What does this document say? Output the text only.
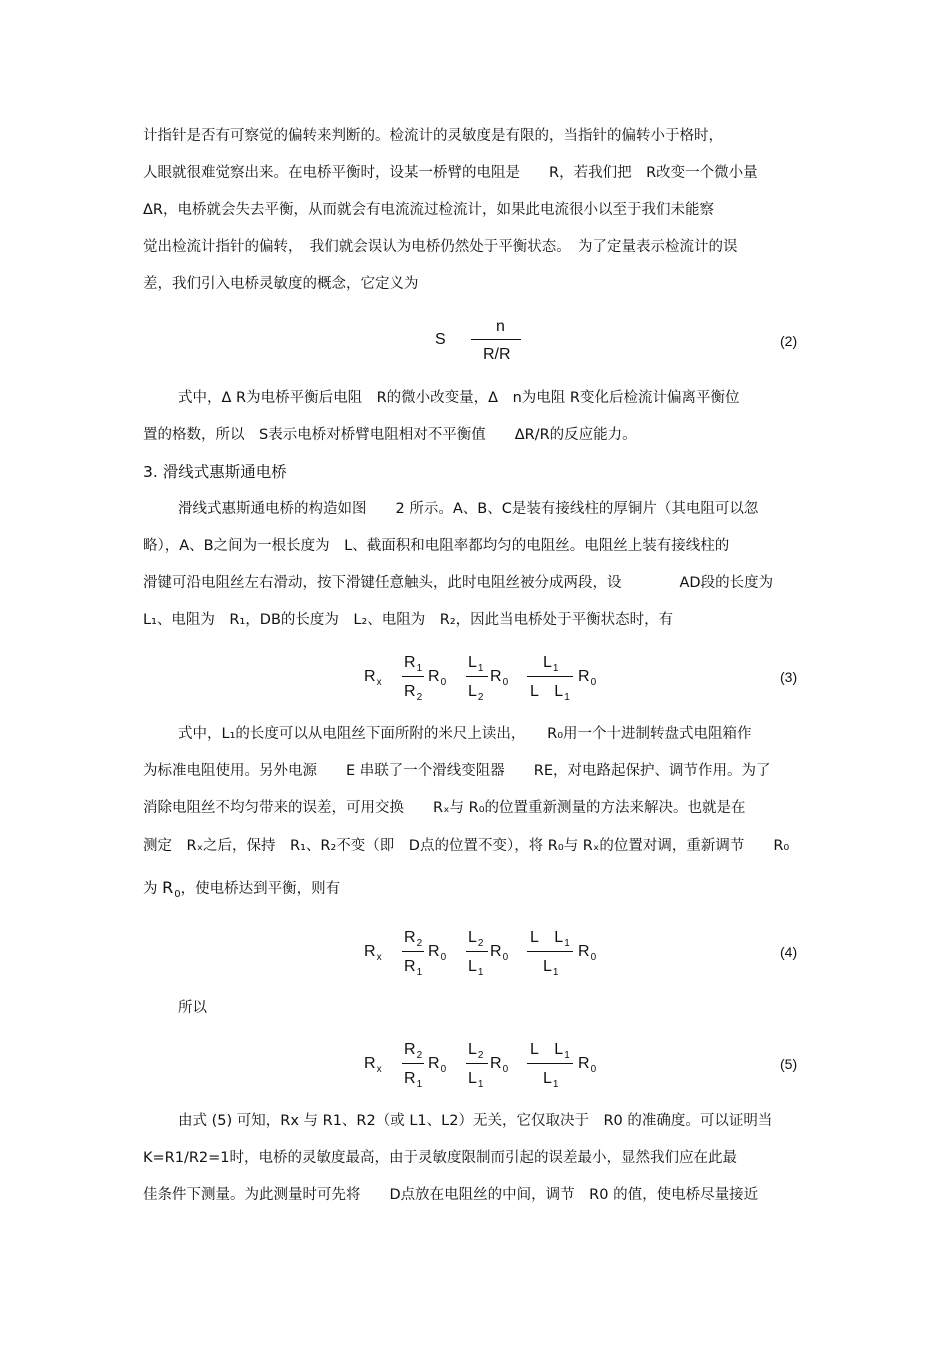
计指针是否有可察觉的偏转来判断的。检流计的灵敏度是有限的，当指针的偏转小于格时，
人眼就很难觉察出来。在电桥平衡时，设某一桥臂的电阻是　　R，若我们把　R改变一个微小量
ΔR，电桥就会失去平衡，从而就会有电流流过检流计，如果此电流很小以至于我们未能察
觉出检流计指针的偏转，　我们就会误认为电桥仍然处于平衡状态。　为了定量表示检流计的误
差，我们引入电桥灵敏度的概念，它定义为
S
n
R/R
(2)
式中，Δ R为电桥平衡后电阻　R的微小改变量，Δ　n为电阻 R变化后检流计偏离平衡位
置的格数，所以　S表示电桥对桥臂电阻相对不平衡值　　ΔR/R的反应能力。
3. 滑线式惠斯通电桥
滑线式惠斯通电桥的构造如图　　2 所示。A、B、C是装有接线柱的厚铜片（其电阻可以忽
略），A、B之间为一根长度为　L、截面积和电阻率都均匀的电阻丝。电阻丝上装有接线柱的
滑键可沿电阻丝左右滑动，按下滑键任意触头，此时电阻丝被分成两段，设　　　　AD段的长度为
L₁、电阻为　R₁，DB的长度为　L₂、电阻为　R₂，因此当电桥处于平衡状态时，有
$R_x$
$R_1$
$R_2$
$R_0$
$L_1$
$L_2$
$R_0$
$L_1$
L　$L_1$
$R_0$	(3)
式中，L₁的长度可以从电阻丝下面所附的米尺上读出，　　R₀用一个十进制转盘式电阻箱作
为标准电阻使用。另外电源　　E 串联了一个滑线变阻器　　RE，对电路起保护、调节作用。为了
消除电阻丝不均匀带来的误差，可用交换　　Rₓ与 R₀的位置重新测量的方法来解决。也就是在
测定　Rₓ之后，保持　R₁、R₂不变（即　D点的位置不变），将 R₀与 Rₓ的位置对调，重新调节　　R₀
为 $R_0$，使电桥达到平衡，则有
$R_x$
$R_2$
$R_1$
$R_0$
$L_2$
$L_1$
$R_0$
L　$L_1$
$L_1$
$R_0$	(4)
所以
$R_x$
$R_2$
$R_1$
$R_0$
$L_2$
$L_1$
$R_0$
L　$L_1$
$L_1$
$R_0$	(5)
由式 (5) 可知，Rx 与 R1、R2（或 L1、L2）无关，它仅取决于　R0 的准确度。可以证明当
K=R1/R2=1时，电桥的灵敏度最高，由于灵敏度限制而引起的误差最小，显然我们应在此最
佳条件下测量。为此测量时可先将　　D点放在电阻丝的中间，调节　R0 的值，使电桥尽量接近
